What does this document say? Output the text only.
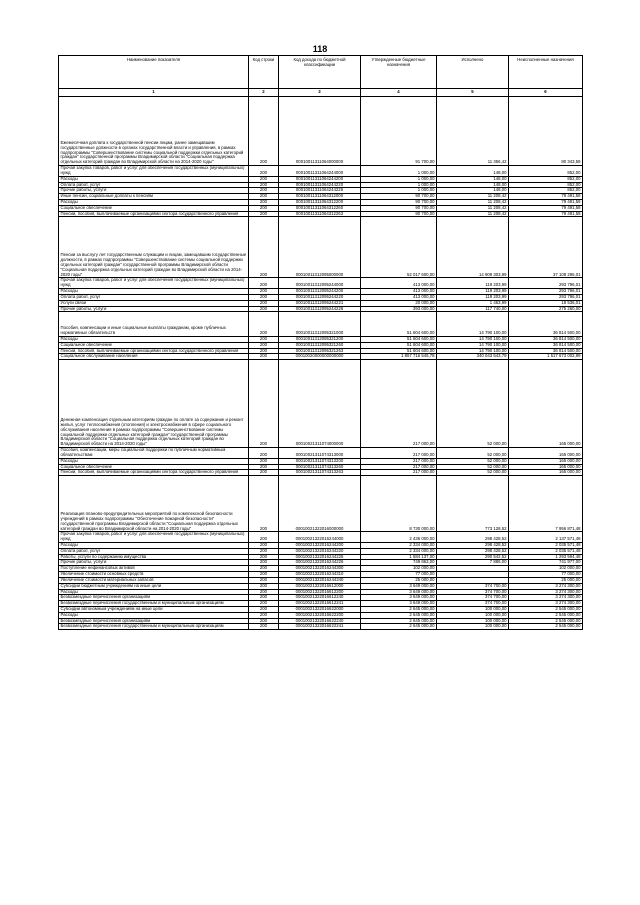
118
Наименование показателя	Код строки	Код дохода по бюджетной классификации	Утвержденные бюджетные назначения	Исполнено	Неисполненные назначения
1	2	3	4	5	6

Ежемесячная доплата к государственной пенсии лицам, ранее замещавшим государственные должности в органах государственной власти и управления, в рамках подпрограммы "Совершенствование системы социальной поддержки отдельных категорий граждан" государственной программы Владимирской области "Социальная поддержка отдельных категорий граждан во Владимирской области на 2014-2020 годы"	200	00010011311064000000	91 700,00	11 356,42	80 343,58

Прочая закупка товаров, работ и услуг для обеспечения государственных (муниципальных) нужд	200	00010011311064244000	1 000,00	148,00	852,00

Расходы	200	00010011311064244200	1 000,00	148,00	852,00

Оплата работ, услуг	200	00010011311064244220	1 000,00	148,00	852,00

Прочие работы, услуги	200	00010011311064244226	1 000,00	148,00	852,00

Иные пенсии, социальные доплаты к пенсиям	200	00010011311064312000	90 700,00	11 208,42	79 491,58

Расходы	200	00010011311064312200	90 700,00	11 208,42	79 491,58

Социальное обеспечение	200	00010011311064312260	90 700,00	11 208,42	79 491,58

Пенсии, пособия, выплачиваемые организациями сектора государственного управления	200	00010011311064312263	90 700,00	11 208,42	79 491,58

Пенсии за выслугу лет государственным служащим и лицам, замещавшим государственные должности, в рамках подпрограммы "Совершенствование системы социальной поддержки отдельных категорий граждан" государственной программы Владимирской области "Социальная поддержка отдельных категорий граждан во Владимирской области на 2014-2020 годы"	200	00010011312095000000	52 017 600,00	14 909 303,99	37 108 296,01

Прочая закупка товаров, работ и услуг для обеспечения государственных (муниципальных) нужд	200	00010011312095244000	413 000,00	119 203,99	293 796,01

Расходы	200	00010011312095244200	413 000,00	119 203,99	293 796,01

Оплата работ, услуг	200	00010011312095244220	413 000,00	119 203,99	293 796,01

Услуги связи	200	00010011312095244221	20 000,00	1 463,99	18 536,01

Прочие работы, услуги	200	00010011312095244226	393 000,00	117 740,00	275 260,00

Пособия, компенсации и иные социальные выплаты гражданам, кроме публичных нормативных обязательств	200	00010011312095321000	51 604 600,00	14 790 100,00	36 814 500,00

Расходы	200	00010011312095321200	51 604 600,00	14 790 100,00	36 814 500,00

Социальное обеспечение	200	00010011312095321260	51 604 600,00	14 790 100,00	36 814 500,00

Пенсии, пособия, выплачиваемые организациями сектора государственного управления	200	00010011312095321263	51 604 600,00	14 790 100,00	36 814 500,00

Социальное обслуживание населения	200	00010020000000000000	1 857 716 546,78	340 043 543,79	1 517 673 002,99

Денежная компенсация отдельным категориям граждан по оплате за содержание и ремонт жилья, услуг теплоснабжения (отопления) и электроснабжения в сфере социального обслуживания населения в рамках подпрограммы "Совершенствование системы социальной поддержки отдельных категорий граждан" государственной программы Владимирской области "Социальная поддержка отдельных категорий граждан во Владимирской области на 2014-2020 годы"	200	00010021311074000000	217 000,00	52 000,00	165 000,00

Пособия, компенсации, меры социальной поддержки по публичным нормативным обязательствам	200	00010021311074313000	217 000,00	52 000,00	165 000,00

Расходы	200	00010021311074313200	217 000,00	52 000,00	165 000,00

Социальное обеспечение	200	00010021311074313260	217 000,00	52 000,00	165 000,00

Пенсии, пособия, выплачиваемые организациями сектора государственного управления	200	00010021311074313263	217 000,00	52 000,00	165 000,00

Реализация планово-предупредительных мероприятий по комплексной безопасности учреждений в рамках подпрограммы "Обеспечение пожарной безопасности" государственной программы Владимирской области "Социальная поддержка отдельных категорий граждан во Владимирской области на 2014-2020 годы"	200	00010021322016000000	8 730 000,00	773 128,52	7 956 871,48

Прочая закупка товаров, работ и услуг для обеспечения государственных (муниципальных) нужд	200	00010021322016244000	2 436 000,00	298 428,52	2 137 571,48

Расходы	200	00010021322016244200	2 334 000,00	298 428,52	2 035 571,48

Оплата работ, услуг	200	00010021322016244220	2 334 000,00	298 428,52	2 035 571,48

Работы, услуги по содержанию имущества	200	00010021322016244225	1 584 137,00	290 542,52	1 293 594,48

Прочие работы, услуги	200	00010021322016244226	749 863,00	7 886,00	741 977,00

Поступление нефинансовых активов	200	00010021322016244300	102 000,00		102 000,00

Увеличение стоимости основных средств	200	00010021322016244310	77 000,00		77 000,00

Увеличение стоимости материальных запасов	200	00010021322016244340	25 000,00		25 000,00

Субсидии бюджетным учреждениям на иные цели	200	00010021322016612000	3 649 000,00	374 700,00	3 274 300,00

Расходы	200	00010021322016612200	3 649 000,00	374 700,00	3 274 300,00

Безвозмездные перечисления организациям	200	00010021322016612240	3 649 000,00	374 700,00	3 274 300,00

Безвозмездные перечисления государственным и муниципальным организациям	200	00010021322016612241	3 649 000,00	374 700,00	3 274 300,00

Субсидии автономным учреждениям на иные цели	200	00010021322016622000	2 645 000,00	100 000,00	2 545 000,00

Расходы	200	00010021322016622200	2 645 000,00	100 000,00	2 545 000,00

Безвозмездные перечисления организациям	200	00010021322016622240	2 645 000,00	100 000,00	2 545 000,00

Безвозмездные перечисления государственным и муниципальным организациям	200	00010021322016622241	2 645 000,00	100 000,00	2 545 000,00
